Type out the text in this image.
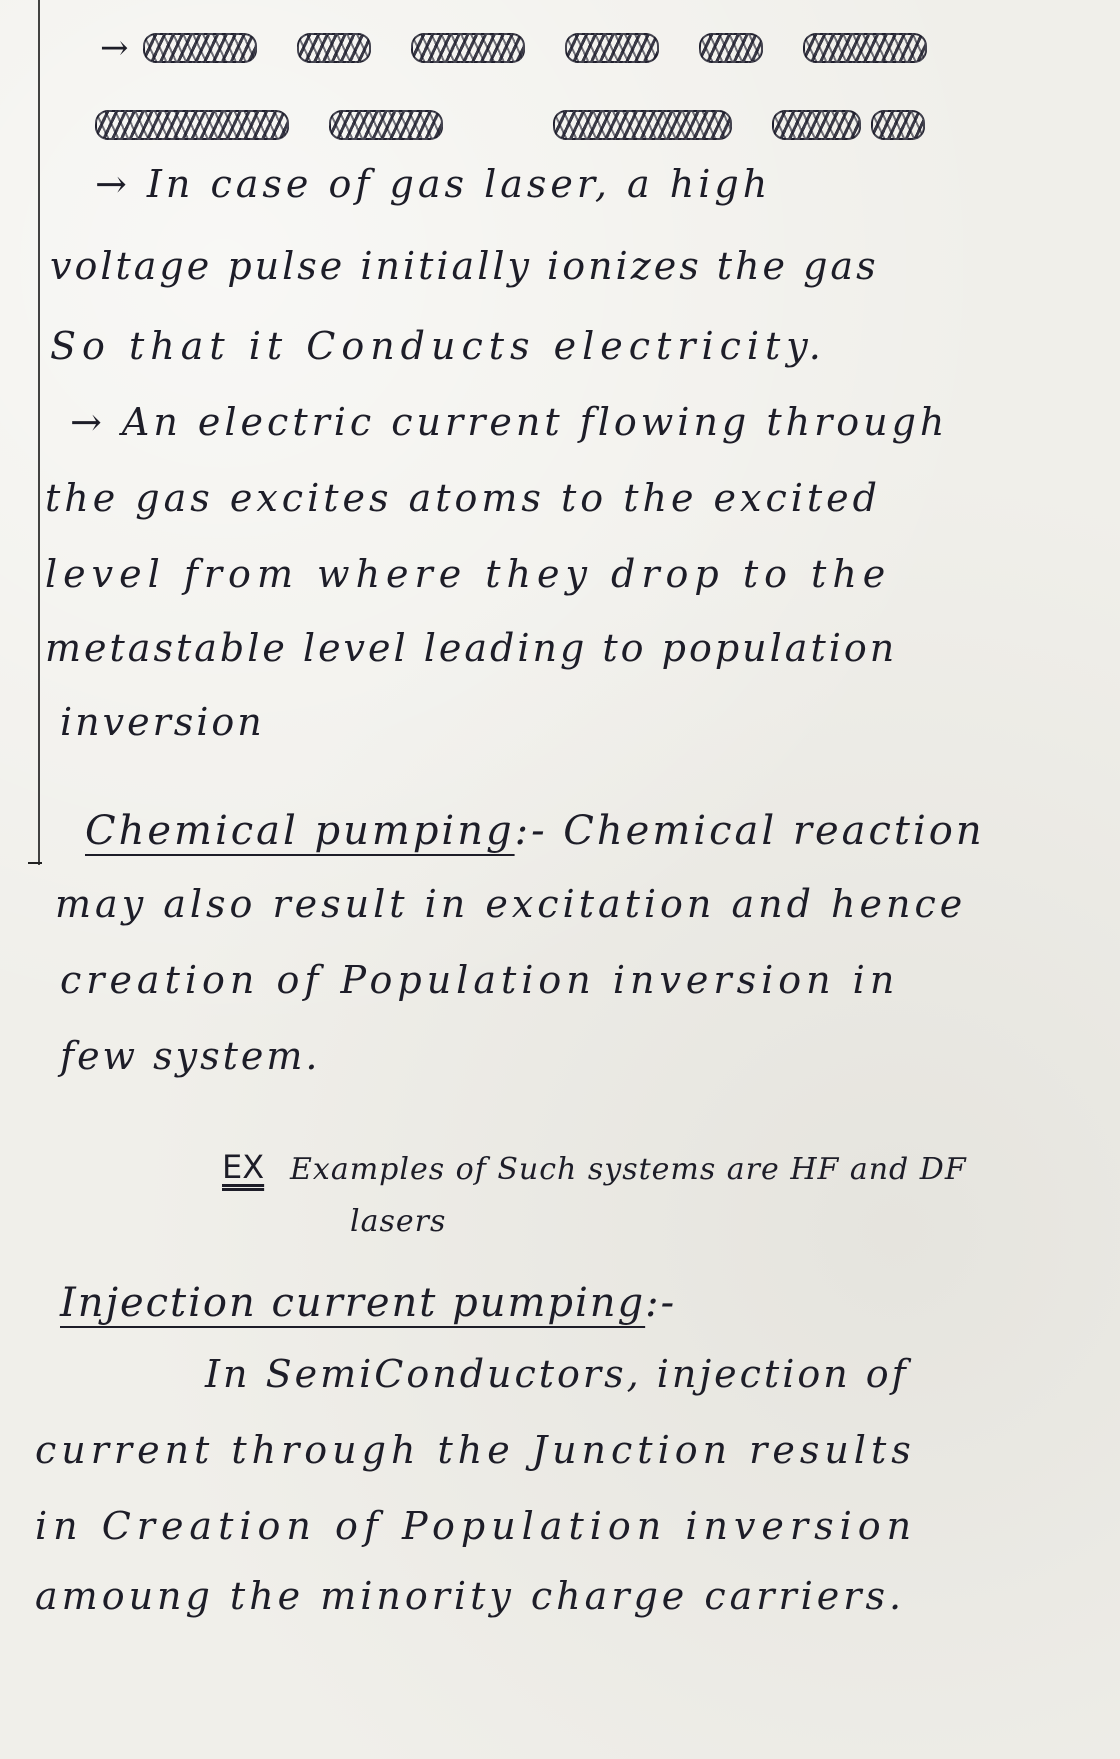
→
→ In case of gas laser, a high
voltage pulse initially ionizes the gas
So that it Conducts electricity.
→ An electric current flowing through
the gas excites atoms to the excited
level from where they drop to the
metastable level leading to population
inversion
Chemical pumping:- Chemical reaction
may also result in excitation and hence
creation of Population inversion in
few system.
EX Examples of Such systems are HF and DF
lasers
Injection current pumping:-
In SemiConductors, injection of
current through the Junction results
in Creation of Population inversion
amoung the minority charge carriers.
